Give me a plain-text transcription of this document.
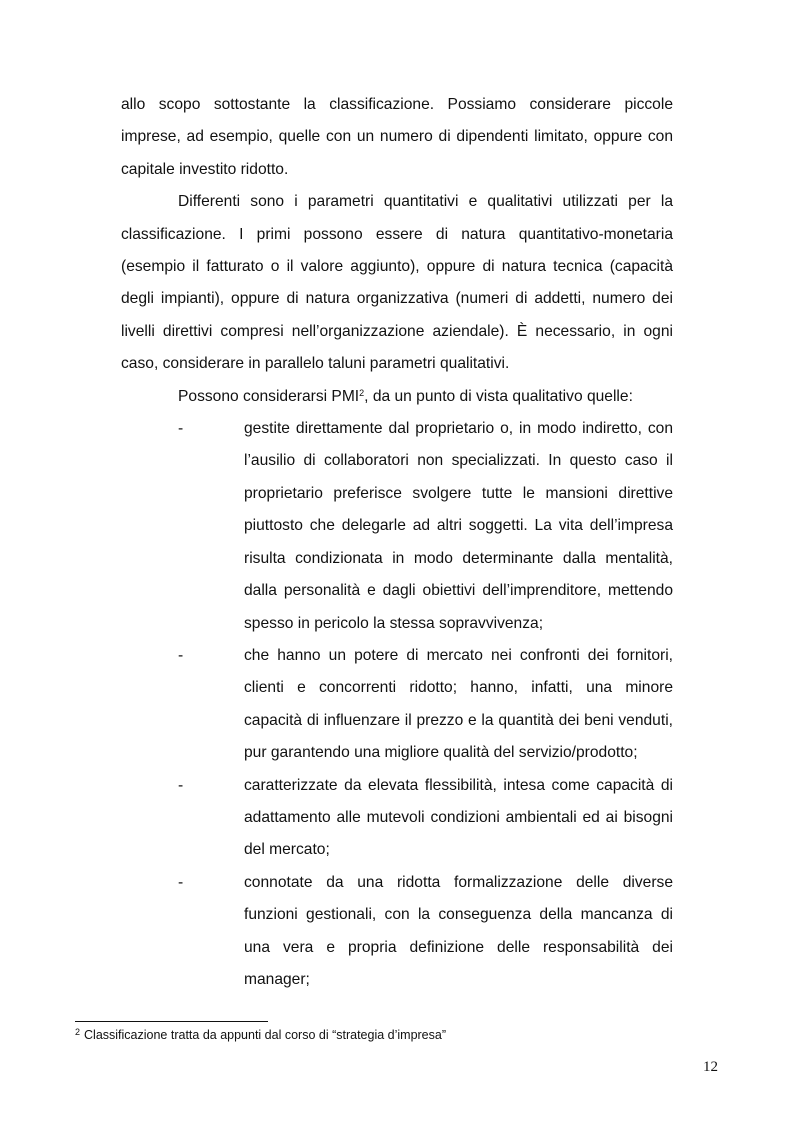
allo scopo sottostante la classificazione. Possiamo considerare piccole imprese, ad esempio, quelle con un numero di dipendenti limitato, oppure con capitale investito ridotto.

Differenti sono i parametri quantitativi e qualitativi utilizzati per la classificazione. I primi possono essere di natura quantitativo-monetaria (esempio il fatturato o il valore aggiunto), oppure di natura tecnica (capacità degli impianti), oppure di natura organizzativa (numeri di addetti, numero dei livelli direttivi compresi nell’organizzazione aziendale). È necessario, in ogni caso, considerare in parallelo taluni parametri qualitativi.

Possono considerarsi PMI$^2$, da un punto di vista qualitativo quelle:

-	gestite direttamente dal proprietario o, in modo indiretto, con l’ausilio di collaboratori non specializzati. In questo caso il proprietario preferisce svolgere tutte le mansioni direttive piuttosto che delegarle ad altri soggetti. La vita dell’impresa risulta condizionata in modo determinante dalla mentalità, dalla personalità e dagli obiettivi dell’imprenditore, mettendo spesso in pericolo la stessa sopravvivenza;
-	che hanno un potere di mercato nei confronti dei fornitori, clienti e concorrenti ridotto; hanno, infatti, una minore capacità di influenzare il prezzo e la quantità dei beni venduti, pur garantendo una migliore qualità del servizio/prodotto;
-	caratterizzate da elevata flessibilità, intesa come capacità di adattamento alle mutevoli condizioni ambientali ed ai bisogni del mercato;
-	connotate da una ridotta formalizzazione delle diverse funzioni gestionali, con la conseguenza della mancanza di una vera e propria definizione delle responsabilità dei manager;
$^2$ Classificazione tratta da appunti dal corso di “strategia d’impresa”
12
